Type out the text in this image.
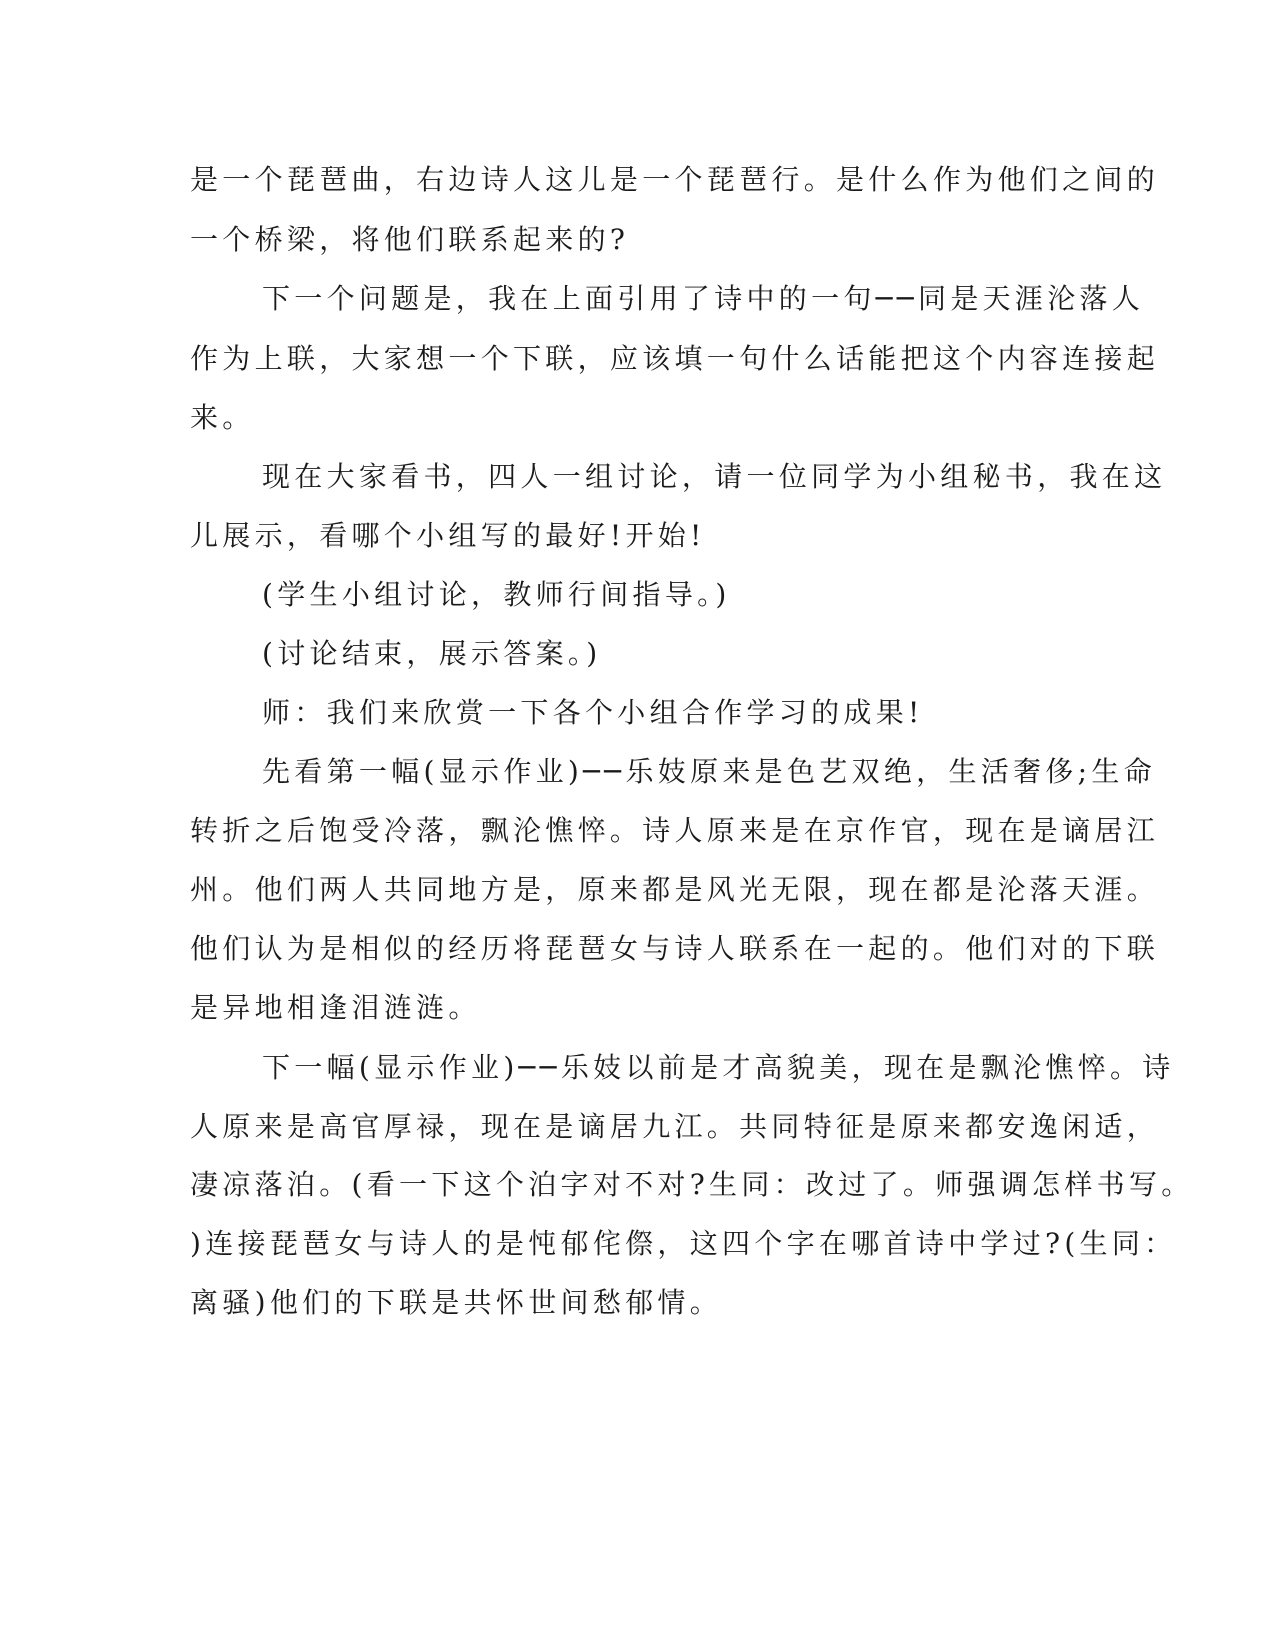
是一个琵琶曲，右边诗人这儿是一个琵琶行。是什么作为他们之间的
一个桥梁，将他们联系起来的?
下一个问题是，我在上面引用了诗中的一句──同是天涯沦落人
作为上联，大家想一个下联，应该填一句什么话能把这个内容连接起
来。
现在大家看书，四人一组讨论，请一位同学为小组秘书，我在这
儿展示，看哪个小组写的最好!开始!
(学生小组讨论，教师行间指导。)
(讨论结束，展示答案。)
师：我们来欣赏一下各个小组合作学习的成果!
先看第一幅(显示作业)──乐妓原来是色艺双绝，生活奢侈;生命
转折之后饱受冷落，飘沦憔悴。诗人原来是在京作官，现在是谪居江
州。他们两人共同地方是，原来都是风光无限，现在都是沦落天涯。
他们认为是相似的经历将琵琶女与诗人联系在一起的。他们对的下联
是异地相逢泪涟涟。
下一幅(显示作业)──乐妓以前是才高貌美，现在是飘沦憔悴。诗
人原来是高官厚禄，现在是谪居九江。共同特征是原来都安逸闲适，
凄凉落泊。(看一下这个泊字对不对?生同：改过了。师强调怎样书写。
)连接琵琶女与诗人的是忳郁侘傺，这四个字在哪首诗中学过?(生同：
离骚)他们的下联是共怀世间愁郁情。
